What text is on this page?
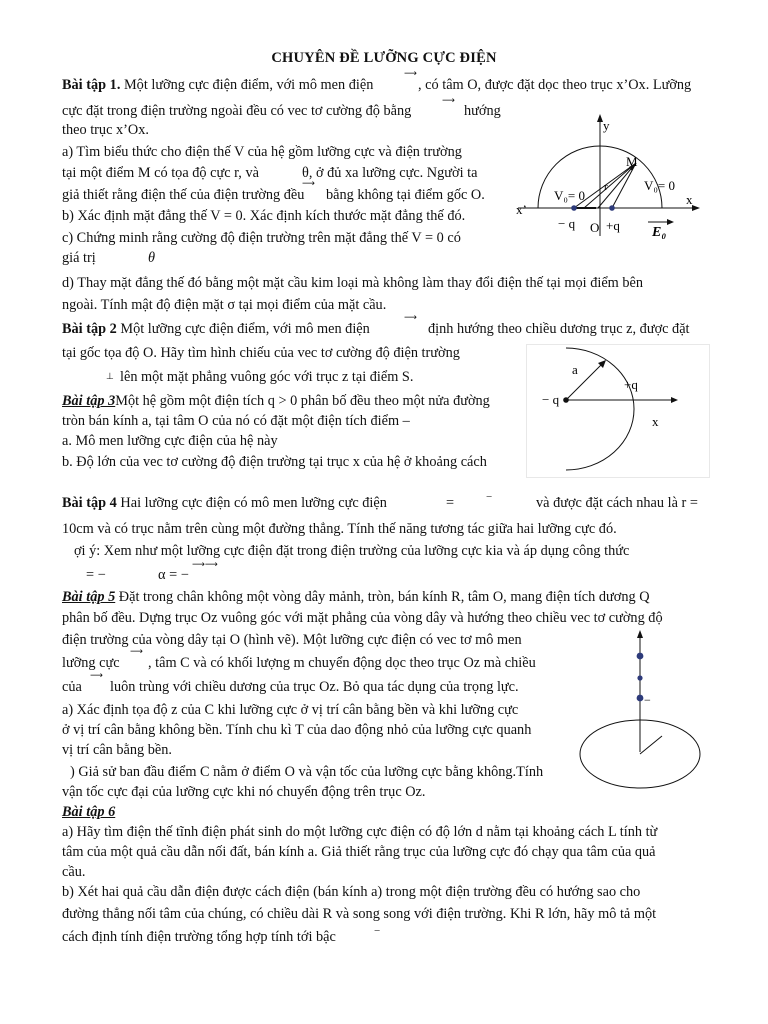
CHUYÊN ĐỀ LƯỠNG CỰC ĐIỆN
Bài tập 1. Một lưỡng cực điện điểm, với mô men điện
⟶
, có tâm O, được đặt dọc theo trục x’Ox. Lưỡng
cực đặt trong điện trường ngoài đều có vec tơ cường độ bằng
⟶
hướng
theo trục x’Ox.
a) Tìm biểu thức cho điện thế V của hệ gồm lưỡng cực và điện trường
tại một điểm M có tọa độ cực r, và	θ, ở đủ xa lưỡng cực. Người ta
giả thiết rằng điện thế của điện trường đều
⟶
bằng không tại điểm gốc O.
b) Xác định mặt đẳng thế V = 0. Xác định kích thước mặt đẳng thế đó.
c) Chứng minh rằng cường độ điện trường trên mặt đẳng thế V = 0 có
giá trị	θ
d) Thay mặt đẳng thế đó bằng một mặt cầu kim loại mà không làm thay đổi điện thế tại mọi điểm bên
ngoài. Tính mật độ điện mặt σ tại mọi điểm của mặt cầu.
y
M
r
V₀= 0
V₀= 0
x’
x
− q O +q E₀
Bài tập 2 Một lưỡng cực điện điểm, với mô men điện
⟶
định hướng theo chiều dương trục z, được đặt
tại gốc tọa độ O. Hãy tìm hình chiếu của vec tơ cường độ điện trường
⊥ lên một mặt phẳng vuông góc với trục z tại điểm S.
Bài tập 3Một hệ gồm một điện tích q > 0 phân bố đều theo một nửa đường
tròn bán kính a, tại tâm O của nó có đặt một điện tích điểm –
a. Mô men lưỡng cực điện của hệ này
b. Độ lớn của vec tơ cường độ điện trường tại trục x của hệ ở khoảng cách
a
+q
− q
x
Bài tập 4 Hai lưỡng cực điện có mô men lưỡng cực điện	=	−	và được đặt cách nhau là r =
10cm và có trục nằm trên cùng một đường thẳng. Tính thế năng tương tác giữa hai lưỡng cực đó.
ợi ý: Xem như một lưỡng cực điện đặt trong điện trường của lưỡng cực kia và áp dụng công thức
= −	α = −
⟶⟶
Bài tập 5 Đặt trong chân không một vòng dây mảnh, tròn, bán kính R, tâm O, mang điện tích dương Q
phân bố đều. Dựng trục Oz vuông góc với mặt phẳng của vòng dây và hướng theo chiều vec tơ cường độ
điện trường của vòng dây tại O (hình vẽ). Một lưỡng cực điện có vec tơ mô men
lưỡng cực
⟶
, tâm C và có khối lượng m chuyển động dọc theo trục Oz mà chiều
của
⟶
luôn trùng với chiều dương của trục Oz. Bỏ qua tác dụng của trọng lực.
a) Xác định tọa độ z của C khi lưỡng cực ở vị trí cân bằng bền và khi lưỡng cực
ở vị trí cân bằng không bền. Tính chu kì T của dao động nhỏ của lưỡng cực quanh
vị trí cân bằng bền.
) Giả sử ban đầu điểm C nằm ở điểm O và vận tốc của lưỡng cực bằng không.Tính
vận tốc cực đại của lưỡng cực khi nó chuyển động trên trục Oz.
−
Bài tập 6
a) Hãy tìm điện thế tĩnh điện phát sinh do một lưỡng cực điện có độ lớn d nằm tại khoảng cách L tính từ
tâm của một quả cầu dẫn nối đất, bán kính a. Giả thiết rằng trục của lưỡng cực đó chạy qua tâm của quả
cầu.
b) Xét hai quả cầu dẫn điện được cách điện (bán kính a) trong một điện trường đều có hướng sao cho
đường thẳng nối tâm của chúng, có chiều dài R và song song với điện trường. Khi R lớn, hãy mô tả một
cách định tính điện trường tổng hợp tính tới bậc	−
